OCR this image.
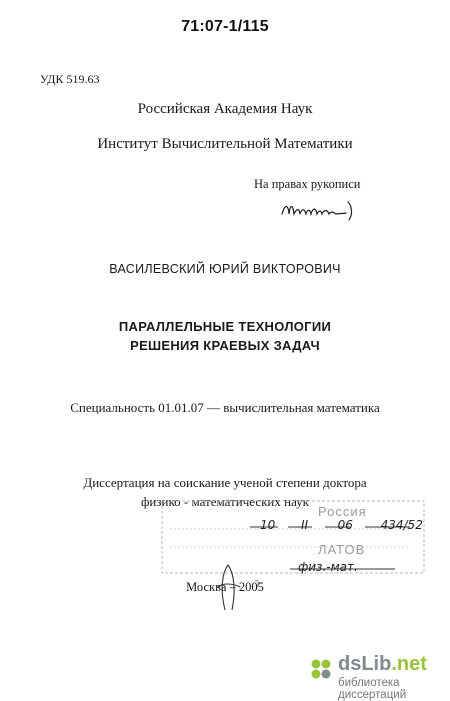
71:07-1/115
УДК 519.63
Российская Академия Наук
Институт Вычислительной Математики
На правах рукописи
ВАСИЛЕВСКИЙ ЮРИЙ ВИКТОРОВИЧ
ПАРАЛЛЕЛЬНЫЕ ТЕХНОЛОГИИ
РЕШЕНИЯ КРАЕВЫХ ЗАДАЧ
Специальность 01.01.07 — вычислительная математика
Диссертация на соискание ученой степени доктора
физико - математических наук
Россия
10 II 06 434/52
ЛАТОВ
физ.-мат.
Москва – 2005
dsLib.net
библиотека диссертаций
